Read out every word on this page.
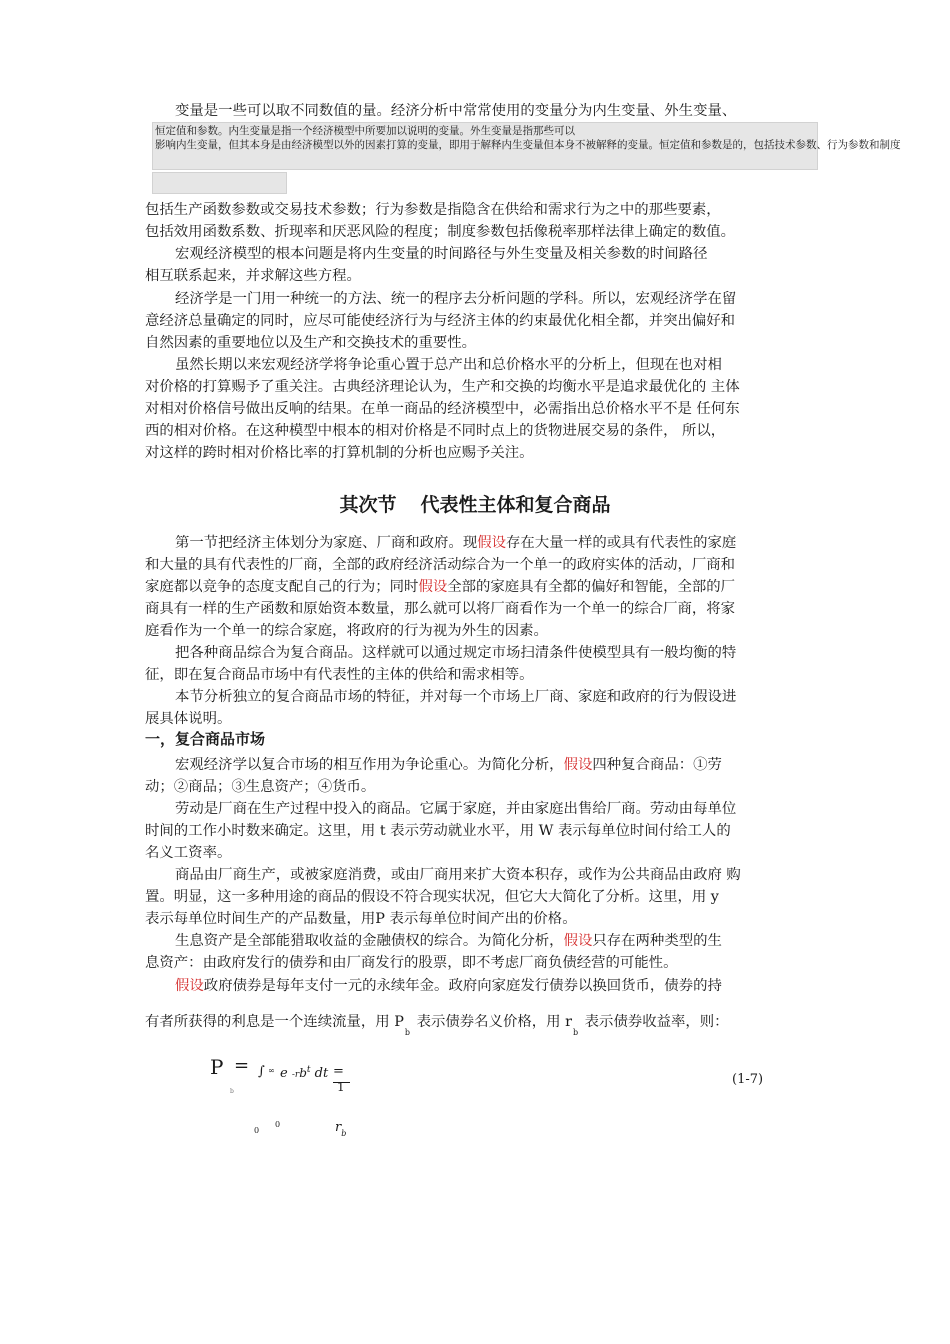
变量是一些可以取不同数值的量。经济分析中常常使用的变量分为内生变量、外生变量、
恒定值和参数。内生变量是指一个经济模型中所要加以说明的变量。外生变量是指那些可以
影响内生变量，但其本身是由经济模型以外的因素打算的变量，即用于解释内生变量但本身不被解释的变量。恒定值和参数是的，包括技术参数、行为参数和制度
包括生产函数参数或交易技术参数；行为参数是指隐含在供给和需求行为之中的那些要素，
包括效用函数系数、折现率和厌恶风险的程度；制度参数包括像税率那样法律上确定的数值。
宏观经济模型的根本问题是将内生变量的时间路径与外生变量及相关参数的时间路径
相互联系起来，并求解这些方程。
经济学是一门用一种统一的方法、统一的程序去分析问题的学科。所以，宏观经济学在留
意经济总量确定的同时，应尽可能使经济行为与经济主体的约束最优化相全都，并突出偏好和
自然因素的重要地位以及生产和交换技术的重要性。
虽然长期以来宏观经济学将争论重心置于总产出和总价格水平的分析上，但现在也对相
对价格的打算赐予了重关注。古典经济理论认为，生产和交换的均衡水平是追求最优化的 主体
对相对价格信号做出反响的结果。在单一商品的经济模型中，必需指出总价格水平不是 任何东
西的相对价格。在这种模型中根本的相对价格是不同时点上的货物进展交易的条件， 所以，
对这样的跨时相对价格比率的打算机制的分析也应赐予关注。
其次节 代表性主体和复合商品
第一节把经济主体划分为家庭、厂商和政府。现假设存在大量一样的或具有代表性的家庭
和大量的具有代表性的厂商，全部的政府经济活动综合为一个单一的政府实体的活动，厂商和
家庭都以竞争的态度支配自己的行为；同时假设全部的家庭具有全都的偏好和智能，全部的厂
商具有一样的生产函数和原始资本数量，那么就可以将厂商看作为一个单一的综合厂商，将家
庭看作为一个单一的综合家庭，将政府的行为视为外生的因素。
把各种商品综合为复合商品。这样就可以通过规定市场扫清条件使模型具有一般均衡的特
征，即在复合商品市场中有代表性的主体的供给和需求相等。
本节分析独立的复合商品市场的特征，并对每一个市场上厂商、家庭和政府的行为假设进
展具体说明。
一，复合商品市场
宏观经济学以复合市场的相互作用为争论重心。为简化分析，假设四种复合商品：①劳
动；②商品；③生息资产；④货币。
劳动是厂商在生产过程中投入的商品。它属于家庭，并由家庭出售给厂商。劳动由每单位
时间的工作小时数来确定。这里，用 t 表示劳动就业水平，用 W 表示每单位时间付给工人的
名义工资率。
商品由厂商生产，或被家庭消费，或由厂商用来扩大资本积存，或作为公共商品由政府 购
置。明显，这一多种用途的商品的假设不符合现实状况，但它大大简化了分析。这里，用 y
表示每单位时间生产的产品数量，用P 表示每单位时间产出的价格。
生息资产是全部能猎取收益的金融债权的综合。为简化分析，假设只存在两种类型的生
息资产：由政府发行的债券和由厂商发行的股票，即不考虑厂商负债经营的可能性。
假设政府债券是每年支付一元的永续年金。政府向家庭发行债券以换回货币，债券的持
有者所获得的利息是一个连续流量，用 $P_b$ 表示债券名义价格，用 $r_b$ 表示债券收益率，则：
P =
b
∫ ∞ e $-rb^t$ dt =
1
$r_b$
0
0
(1-7)
